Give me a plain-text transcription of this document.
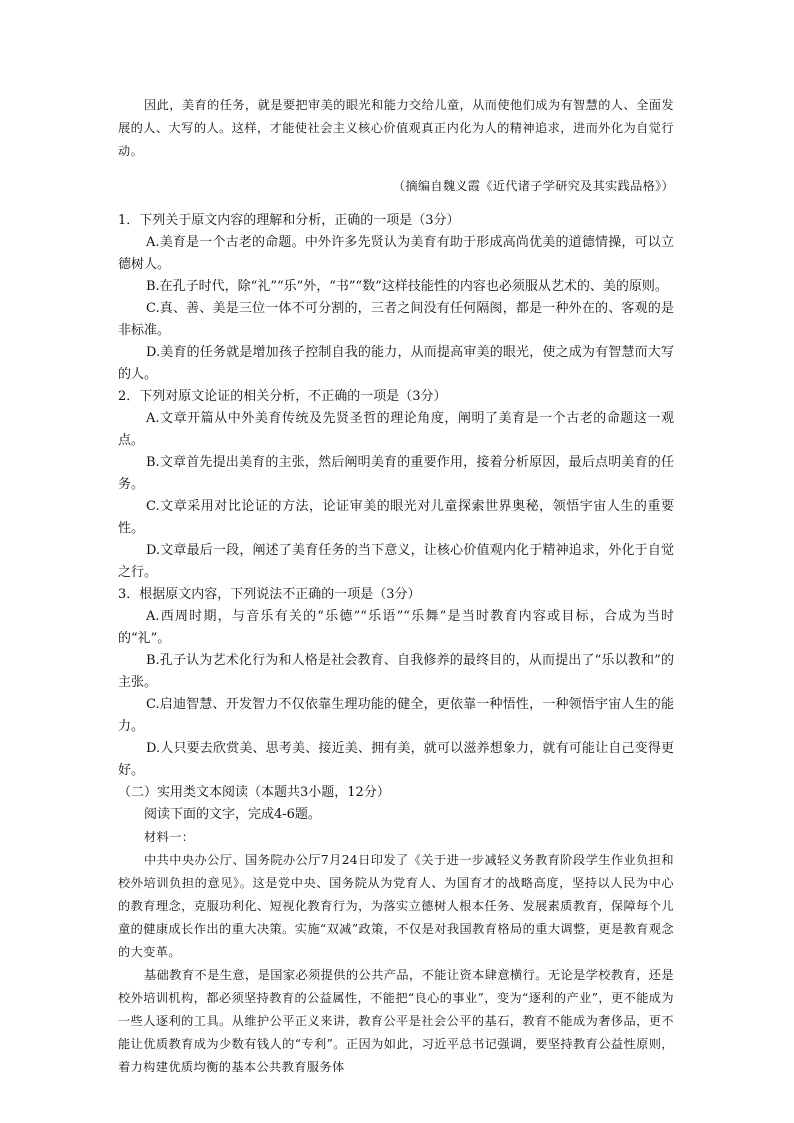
因此，美育的任务，就是要把审美的眼光和能力交给儿童，从而使他们成为有智慧的人、全面发展的人、大写的人。这样，才能使社会主义核心价值观真正内化为人的精神追求，进而外化为自觉行动。

（摘编自魏义霞《近代诸子学研究及其实践品格》）

1．下列关于原文内容的理解和分析，正确的一项是（3分）

A.美育是一个古老的命题。中外许多先贤认为美育有助于形成高尚优美的道德情操，可以立德树人。

B.在孔子时代，除“礼”“乐”外，“书”“数”这样技能性的内容也必须服从艺术的、美的原则。

C.真、善、美是三位一体不可分割的，三者之间没有任何隔阂，都是一种外在的、客观的是非标准。

D.美育的任务就是增加孩子控制自我的能力，从而提高审美的眼光，使之成为有智慧而大写的人。

2．下列对原文论证的相关分析，不正确的一项是（3分）

A.文章开篇从中外美育传统及先贤圣哲的理论角度，阐明了美育是一个古老的命题这一观点。

B.文章首先提出美育的主张，然后阐明美育的重要作用，接着分析原因，最后点明美育的任务。

C.文章采用对比论证的方法，论证审美的眼光对儿童探索世界奥秘，领悟宇宙人生的重要性。

D.文章最后一段，阐述了美育任务的当下意义，让核心价值观内化于精神追求，外化于自觉之行。

3．根据原文内容，下列说法不正确的一项是（3分）

A.西周时期，与音乐有关的“乐德”“乐语”“乐舞”是当时教育内容或目标，合成为当时的“礼”。

B.孔子认为艺术化行为和人格是社会教育、自我修养的最终目的，从而提出了“乐以教和”的主张。

C.启迪智慧、开发智力不仅依靠生理功能的健全，更依靠一种悟性，一种领悟宇宙人生的能力。

D.人只要去欣赏美、思考美、接近美、拥有美，就可以滋养想象力，就有可能让自己变得更好。

（二）实用类文本阅读（本题共3小题，12分）

阅读下面的文字，完成4-6题。

材料一：

中共中央办公厅、国务院办公厅7月24日印发了《关于进一步减轻义务教育阶段学生作业负担和校外培训负担的意见》。这是党中央、国务院从为党育人、为国育才的战略高度，坚持以人民为中心的教育理念，克服功利化、短视化教育行为，为落实立德树人根本任务、发展素质教育，保障每个儿童的健康成长作出的重大决策。实施“双减”政策，不仅是对我国教育格局的重大调整，更是教育观念的大变革。

基础教育不是生意，是国家必须提供的公共产品，不能让资本肆意横行。无论是学校教育，还是校外培训机构，都必须坚持教育的公益属性，不能把“良心的事业”，变为“逐利的产业”，更不能成为一些人逐利的工具。从维护公平正义来讲，教育公平是社会公平的基石，教育不能成为奢侈品，更不能让优质教育成为少数有钱人的“专利”。正因为如此，习近平总书记强调，要坚持教育公益性原则，着力构建优质均衡的基本公共教育服务体
